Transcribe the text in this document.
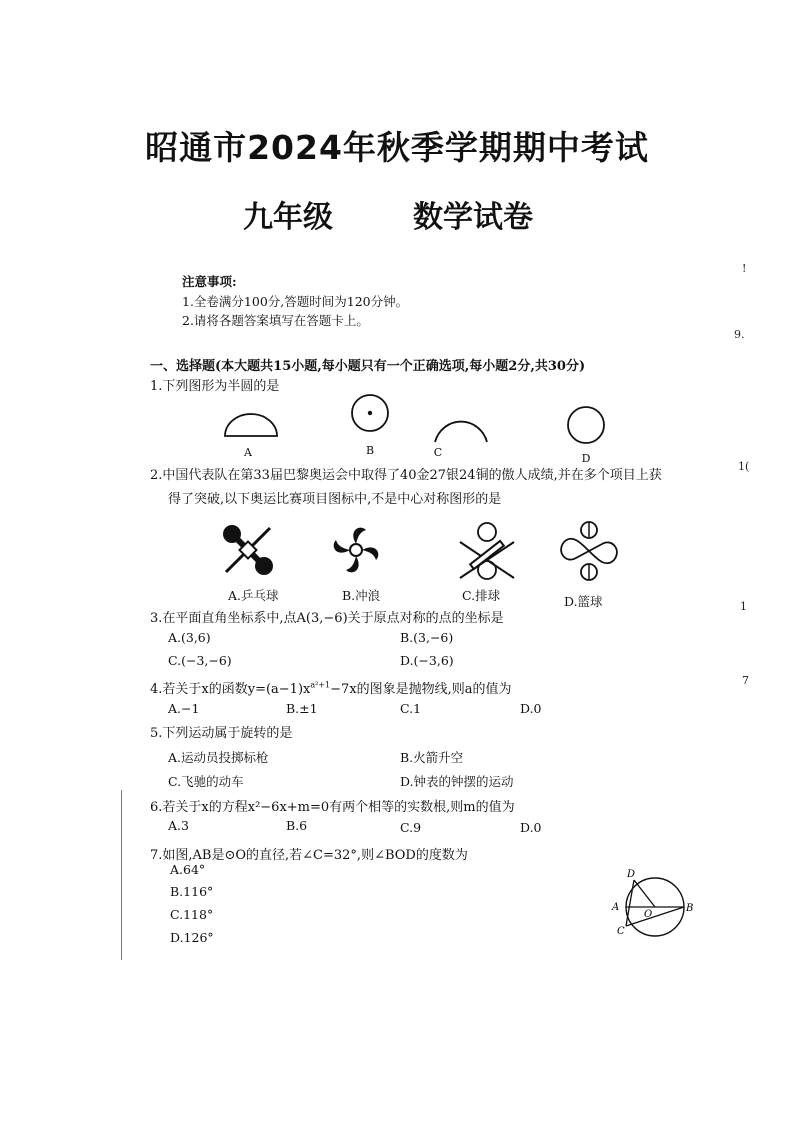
昭通市2024年秋季学期期中考试
九年级	数学试卷
注意事项:
1.全卷满分100分,答题时间为120分钟。
2.请将各题答案填写在答题卡上。
一、选择题(本大题共15小题,每小题只有一个正确选项,每小题2分,共30分)
1.下列图形为半圆的是
A	B	C	D
2.中国代表队在第33届巴黎奥运会中取得了40金27银24铜的傲人成绩,并在多个项目上获
得了突破,以下奥运比赛项目图标中,不是中心对称图形的是
A.乒乓球	B.冲浪	C.排球	D.篮球
3.在平面直角坐标系中,点A(3,−6)关于原点对称的点的坐标是
A.(3,6)	B.(3,−6)
C.(−3,−6)	D.(−3,6)
4.若关于x的函数$y=(a-1)x^{a^2+1}-7x$的图象是抛物线,则a的值为
A.−1	B.±1	C.1	D.0
5.下列运动属于旋转的是
A.运动员投掷标枪	B.火箭升空
C.飞驰的动车	D.钟表的钟摆的运动
6.若关于x的方程x²−6x+m=0有两个相等的实数根,则m的值为
A.3	B.6	C.9	D.0
7.如图,AB是⊙O的直径,若∠C=32°,则∠BOD的度数为
A.64°
B.116°
C.118°
D.126°
D
A	B
O
C
!
9.
1(
1
7
